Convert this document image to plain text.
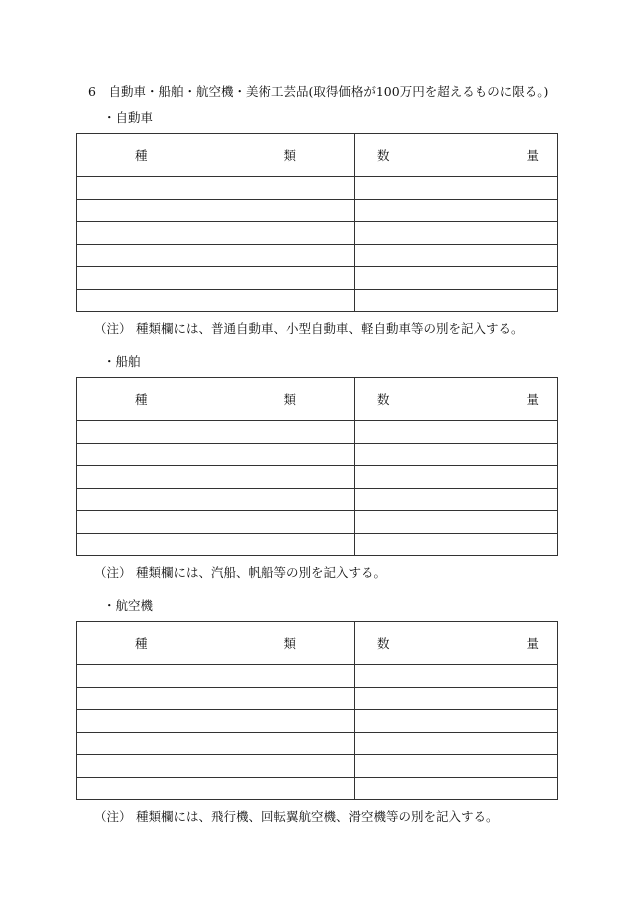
6　自動車・船舶・航空機・美術工芸品(取得価格が100万円を超えるものに限る。)
・自動車
種 類	数 量

（注） 種類欄には、普通自動車、小型自動車、軽自動車等の別を記入する。
・船舶
種 類	数 量

（注） 種類欄には、汽船、帆船等の別を記入する。
・航空機
種 類	数 量

（注） 種類欄には、飛行機、回転翼航空機、滑空機等の別を記入する。
